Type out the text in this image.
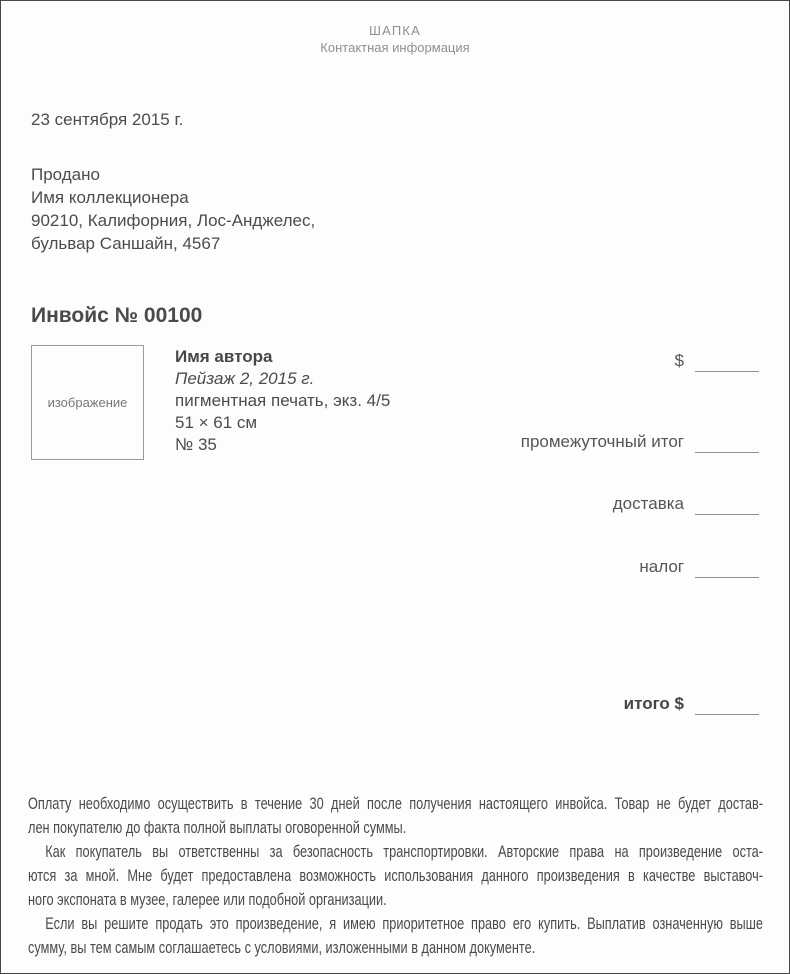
ШАПКА
Контактная информация
23 сентября 2015 г.
Продано
Имя коллекционера
90210, Калифорния, Лос-Анджелес,
бульвар Саншайн, 4567
Инвойс № 00100
изображение
Имя автора
Пейзаж 2, 2015 г.
пигментная печать, экз. 4/5
51 × 61 см
№ 35
$
промежуточный итог
доставка
налог
итого $
Оплату необходимо осуществить в течение 30 дней после получения настоящего инвойса. Товар не будет достав-
лен покупателю до факта полной выплаты оговоренной суммы.
Как покупатель вы ответственны за безопасность транспортировки. Авторские права на произведение оста-
ются за мной. Мне будет предоставлена возможность использования данного произведения в качестве выставоч-
ного экспоната в музее, галерее или подобной организации.
Если вы решите продать это произведение, я имею приоритетное право его купить. Выплатив означенную выше
сумму, вы тем самым соглашаетесь с условиями, изложенными в данном документе.
